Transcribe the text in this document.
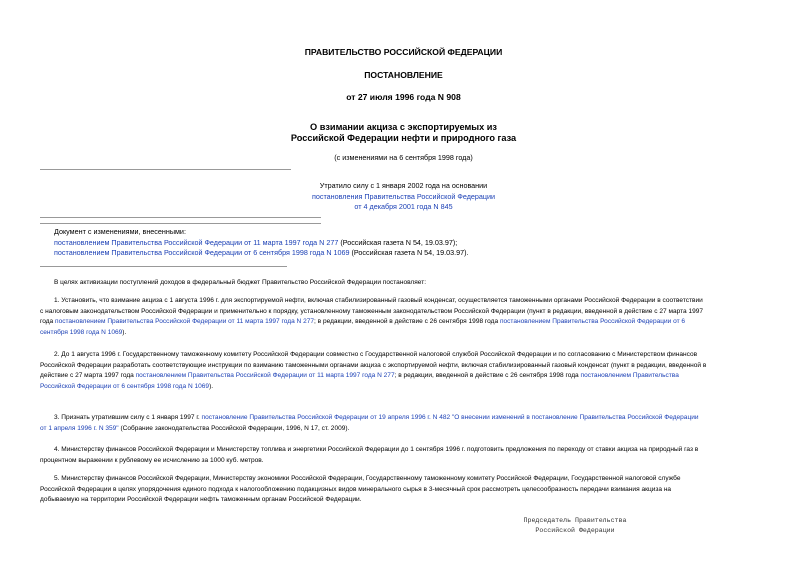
ПРАВИТЕЛЬСТВО РОССИЙСКОЙ ФЕДЕРАЦИИ
ПОСТАНОВЛЕНИЕ
от 27 июля 1996 года N 908
О взимании акциза с экспортируемых из
Российской Федерации нефти и природного газа
(с изменениями на 6 сентября 1998 года)
Утратило силу с 1 января 2002 года на основании
постановления Правительства Российской Федерации
от 4 декабря 2001 года N 845
Документ с изменениями, внесенными:
постановлением Правительства Российской Федерации от 11 марта 1997 года N 277 (Российская газета N 54, 19.03.97);
постановлением Правительства Российской Федерации от 6 сентября 1998 года N 1069 (Российская газета N 54, 19.03.97).
В целях активизации поступлений доходов в федеральный бюджет Правительство Российской Федерации постановляет:
1. Установить, что взимание акциза с 1 августа 1996 г. для экспортируемой нефти, включая стабилизированный газовый конденсат, осуществляется таможенными органами Российской Федерации в соответствии
с налоговым законодательством Российской Федерации и применительно к порядку, установленному таможенным законодательством Российской Федерации (пункт в редакции, введенной в действие с 27 марта 1997
года постановлением Правительства Российской Федерации от 11 марта 1997 года N 277; в редакции, введенной в действие с 26 сентября 1998 года постановлением Правительства Российской Федерации от 6
сентября 1998 года N 1069).
2. До 1 августа 1996 г. Государственному таможенному комитету Российской Федерации совместно с Государственной налоговой службой Российской Федерации и по согласованию с Министерством финансов
Российской Федерации разработать соответствующие инструкции по взиманию таможенными органами акциза с экспортируемой нефти, включая стабилизированный газовый конденсат (пункт в редакции, введенной в
действие с 27 марта 1997 года постановлением Правительства Российской Федерации от 11 марта 1997 года N 277; в редакции, введенной в действие с 26 сентября 1998 года постановлением Правительства
Российской Федерации от 6 сентября 1998 года N 1069).
3. Признать утратившим силу с 1 января 1997 г. постановление Правительства Российской Федерации от 19 апреля 1996 г. N 482 "О внесении изменений в постановление Правительства Российской Федерации
от 1 апреля 1996 г. N 359" (Собрание законодательства Российской Федерации, 1996, N 17, ст. 2009).
4. Министерству финансов Российской Федерации и Министерству топлива и энергетики Российской Федерации до 1 сентября 1996 г. подготовить предложения по переходу от ставки акциза на природный газ в
процентном выражении к рублевому ее исчислению за 1000 куб. метров.
5. Министерству финансов Российской Федерации, Министерству экономики Российской Федерации, Государственному таможенному комитету Российской Федерации, Государственной налоговой службе
Российской Федерации в целях упорядочения единого подхода к налогообложению подакцизных видов минерального сырья в 3-месячный срок рассмотреть целесообразность передачи взимания акциза на
добываемую на территории Российской Федерации нефть таможенным органам Российской Федерации.
Председатель Правительства
Российской Федерации
